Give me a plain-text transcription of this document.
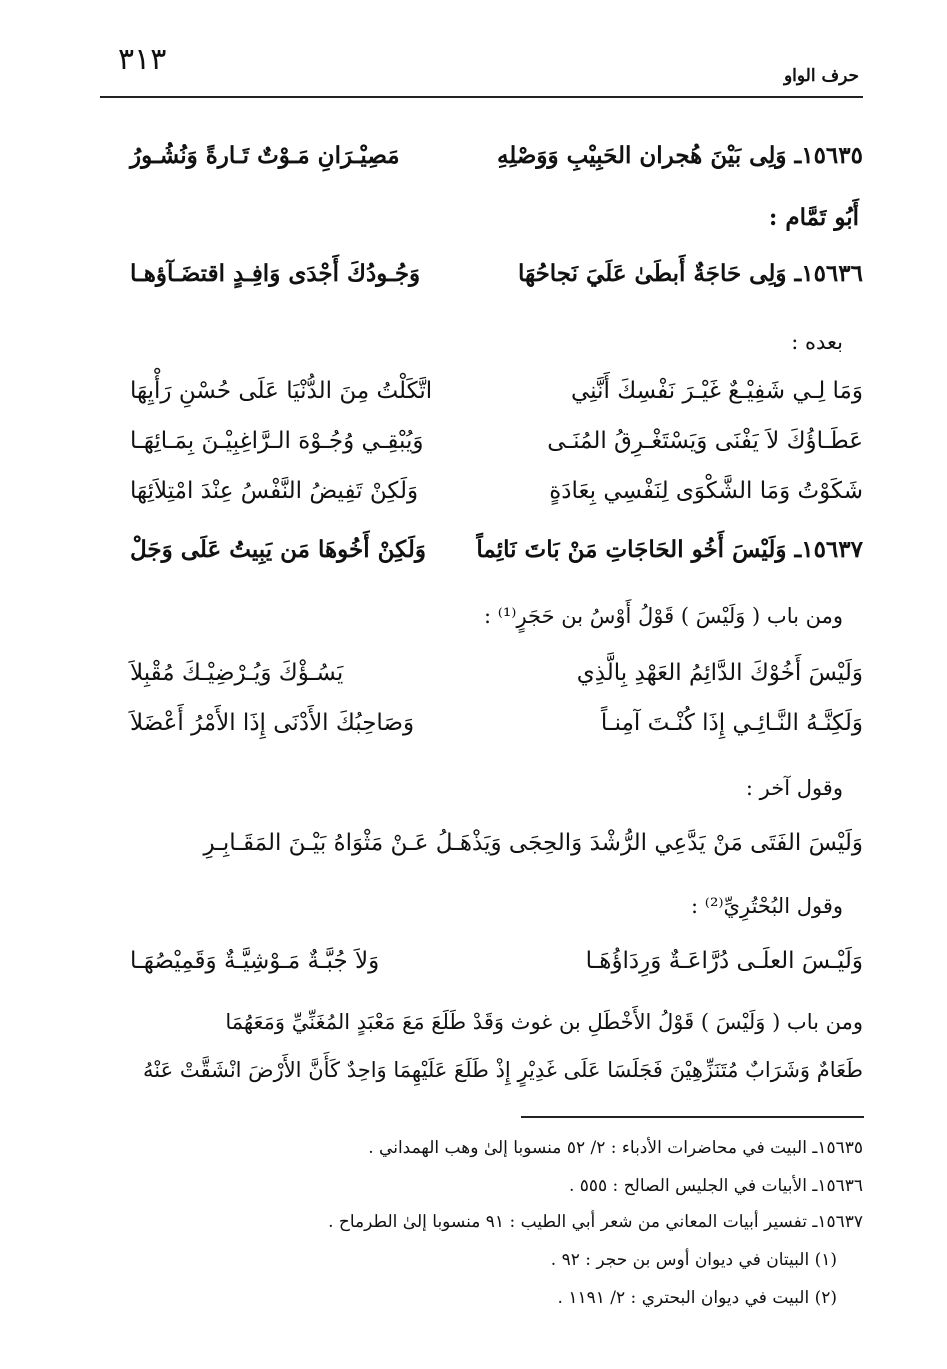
٣١٣	حرف الواو
١٥٦٣٥ـ وَلِى بَيْنَ هُجران الحَبِيْبِ وَوَصْلِهِ
مَصِيْـرَانِ مَـوْتٌ تَـارةً وَنُشُـورُ
أَبُو تَمَّام :
١٥٦٣٦ـ وَلِى حَاجَةٌ أَبطَىٰ عَلَيَ نَجاحُهَا
وَجُـودُكَ أَجْدَى وَافِـدٍ اقتضَـآؤهـا
بعده :
وَمَا لِـي شَفِيْـعٌ غَيْـرَ نَفْسِكَ أَنَّنِي
اتَّكَلْتُ مِنَ الدُّنْيَا عَلَى حُسْنِ رَأْيِهَا
عَطَـاؤُكَ لاَ يَفْنَى وَيَسْتَغْـرِقُ المُنَـى
وَيُبْقِـي وُجُـوْهَ الـرَّاغِبِيْـنَ بِمَـائِهَـا
شَكَوْتُ وَمَا الشَّكْوَى لِنَفْسِي بِعَادَةٍ
وَلَكِنْ تَفِيضُ النَّفْسُ عِنْدَ امْتِلاَئِهَا
١٥٦٣٧ـ وَلَيْسَ أَخُو الحَاجَاتِ مَنْ بَاتَ نَائِماً
وَلَكِنْ أَخُوهَا مَن يَبِيتُ عَلَى وَجَلْ
ومن باب ( وَلَيْسَ ) قَوْلُ أَوْسُ بن حَجَرٍ⁽¹⁾ :
وَلَيْسَ أَخُوْكَ الدَّائِمُ العَهْدِ بِالَّذِي
يَسُـؤْكَ وَيُـرْضِيْـكَ مُقْبِلاَ
وَلَكِنَّـهُ النَّـائِـي إِذَا كُنْـتَ آمِنـاً
وَصَاحِبُكَ الأَدْنَى إِذَا الأَمْرُ أَعْضَلاَ
وقول آخر :
وَلَيْسَ الفَتَى مَنْ يَدَّعِي الرُّشْدَ وَالحِجَى وَيَذْهَـلُ عَـنْ مَثْوَاهُ بَيْـنَ المَقَـابِـرِ
وقول البُحْتُرِيِّ⁽²⁾ :
وَلَيْـسَ العلَـى دُرَّاعَـةٌ وَرِدَاؤُهَـا
وَلاَ جُبَّـةٌ مَـوْشِيَّـةٌ وَقَمِيْصُهَـا
ومن باب ( وَلَيْسَ ) قَوْلُ الأَخْطَلِ بن غوث وَقَدْ طَلَعَ مَعَ مَعْبَدٍ المُغَنِّيِّ وَمَعَهُمَا
طَعَامٌ وَشَرَابٌ مُتَنَزِّهِيْنَ فَجَلَسَا عَلَى غَدِيْرٍ إِذْ طَلَعَ عَلَيْهِمَا وَاحِدٌ كَأَنَّ الأَرْضَ انْشَقَّتْ عَنْهُ
١٥٦٣٥ـ البيت في محاضرات الأدباء : ٢/ ٥٢ منسوبا إلىٰ وهب الهمداني .
١٥٦٣٦ـ الأبيات في الجليس الصالح : ٥٥٥ .
١٥٦٣٧ـ تفسير أبيات المعاني من شعر أبي الطيب : ٩١ منسوبا إلىٰ الطرماح .
(١) البيتان في ديوان أوس بن حجر : ٩٢ .
(٢) البيت في ديوان البحتري : ٢/ ١١٩١ .
